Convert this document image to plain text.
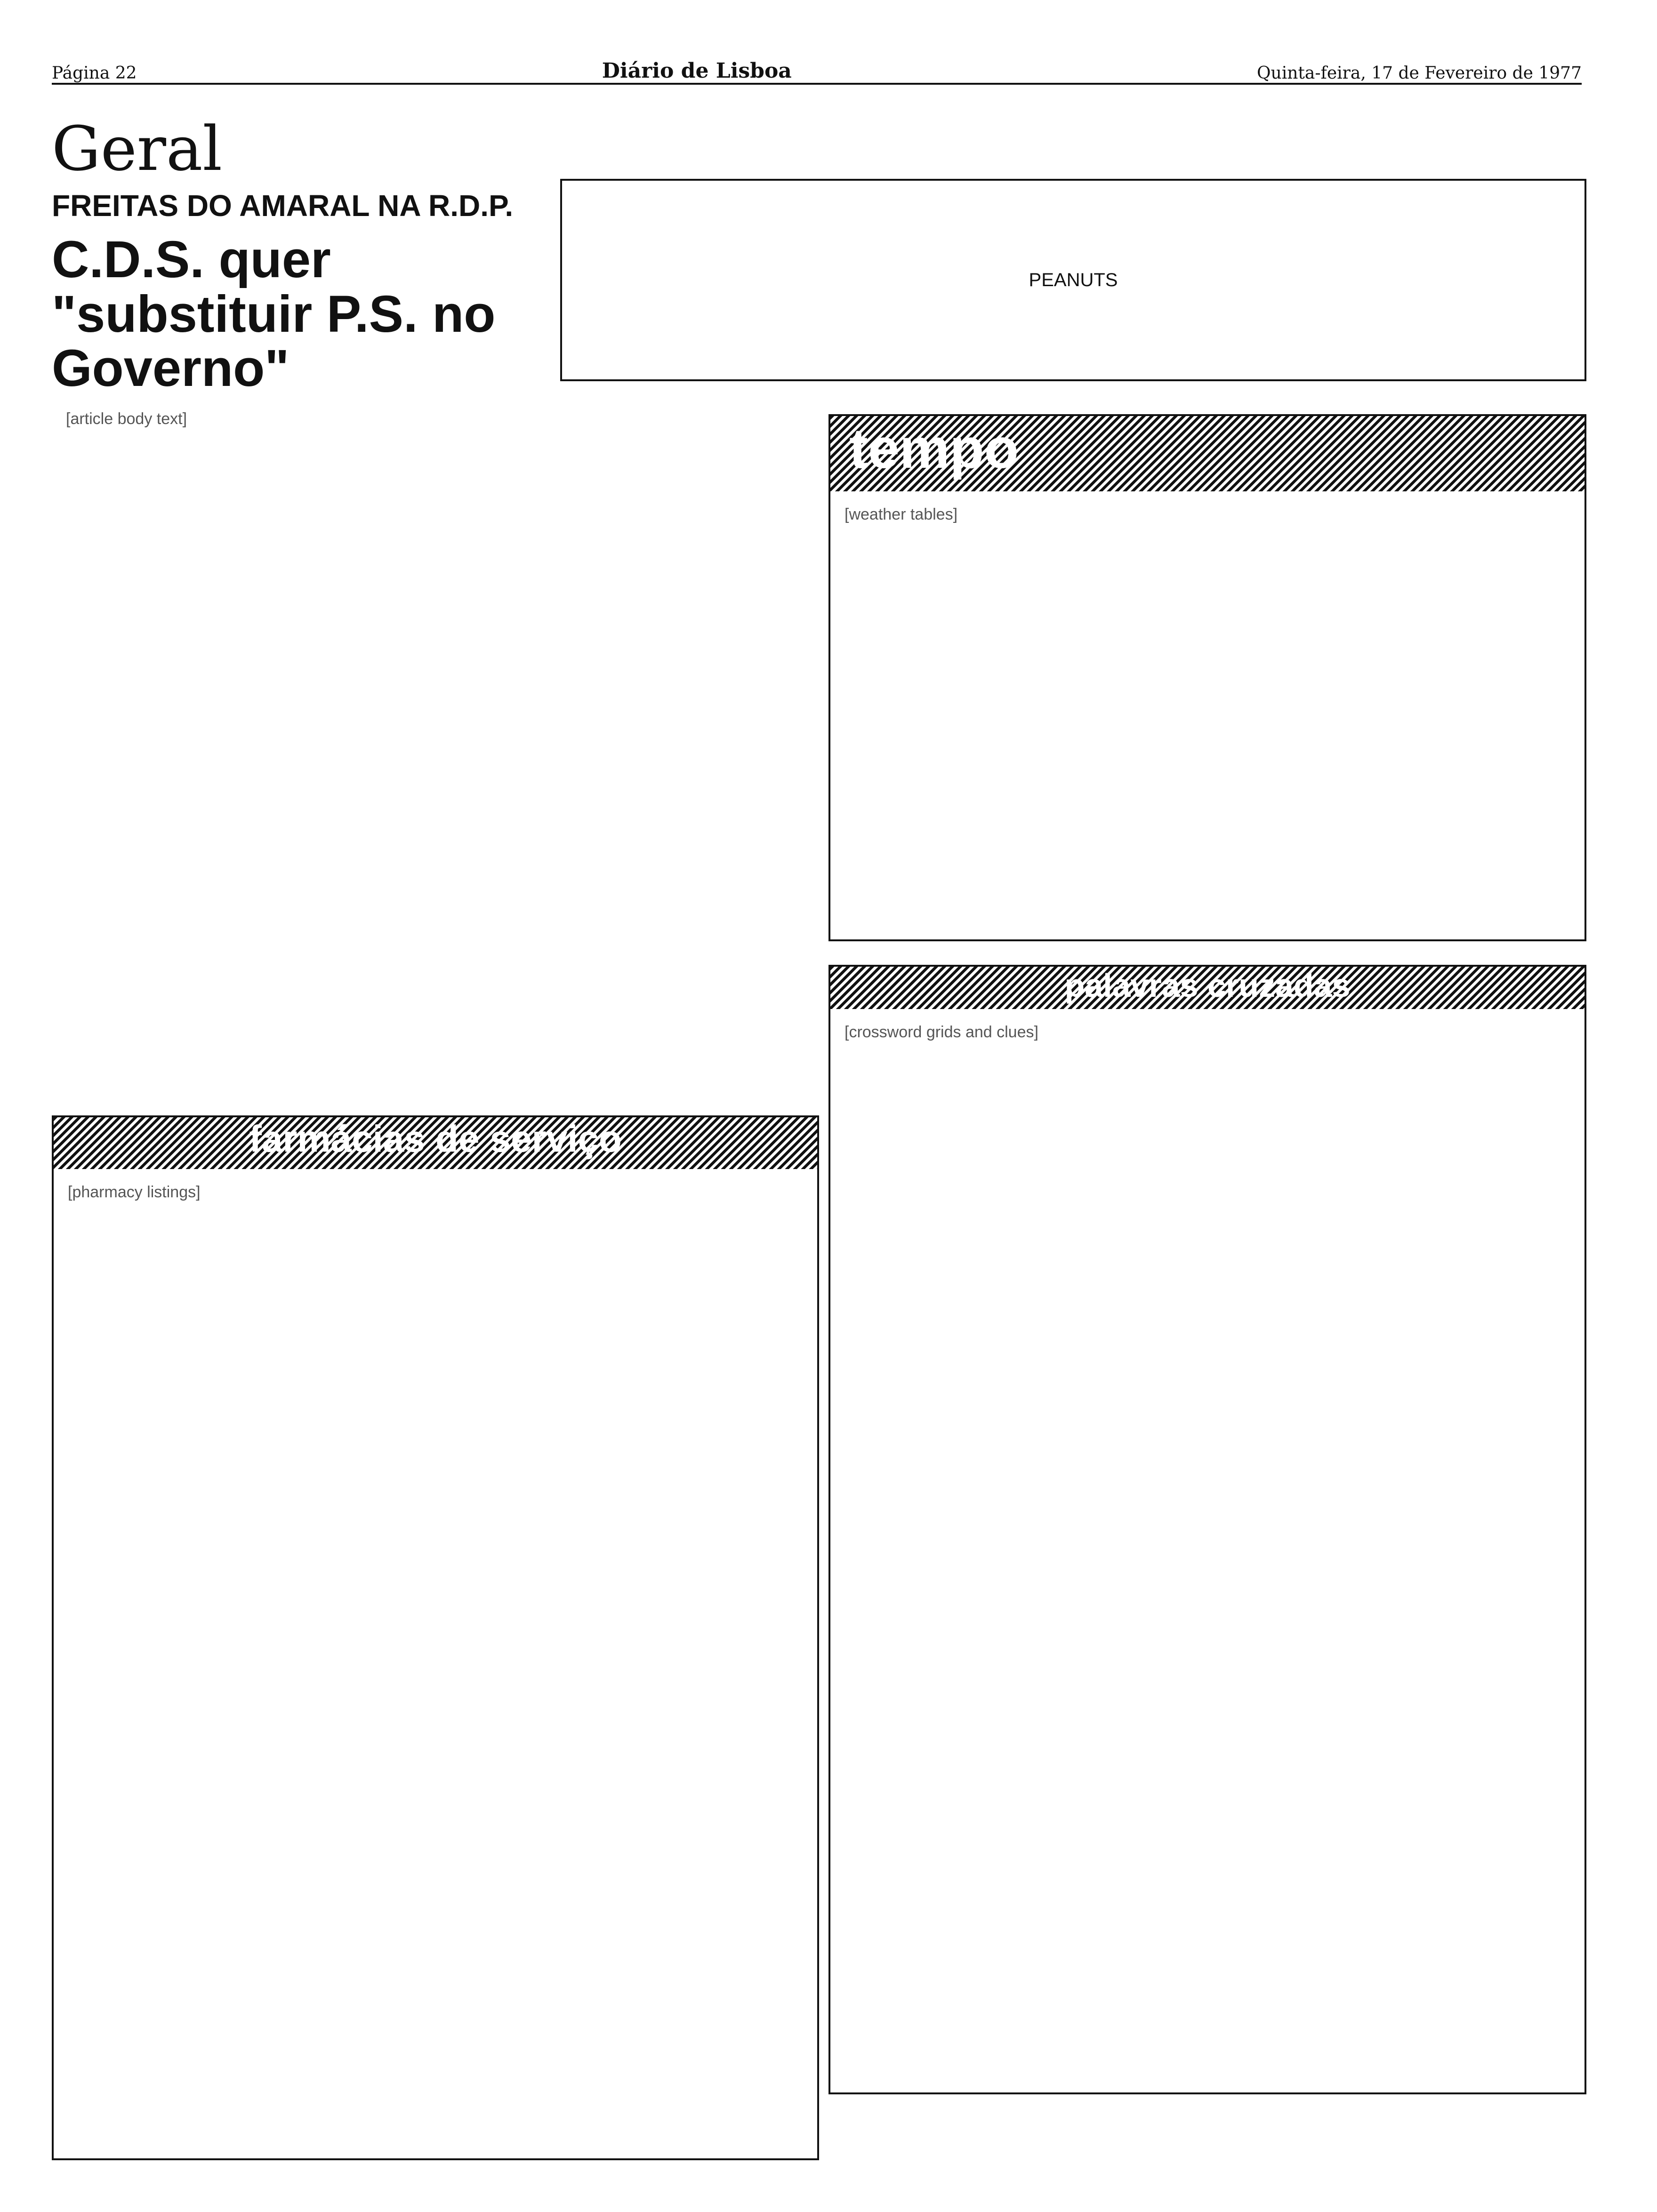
Página 22	Diário de Lisboa	Quinta-feira, 17 de Fevereiro de 1977
Geral
FREITAS DO AMARAL NA R.D.P.
C.D.S. quer "substituir P.S. no Governo"
[article body text]
PEANUTS
tempo
[weather tables]
palavras cruzadas
[crossword grids and clues]
farmácias de serviço
[pharmacy listings]
